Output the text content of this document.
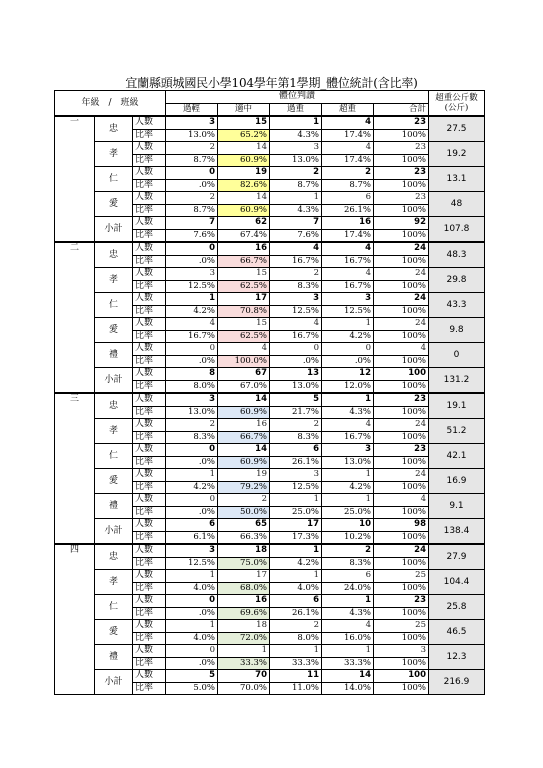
宜蘭縣頭城國民小學104學年第1學期_體位統計(含比率)
年級　/　班級			體位判讀					超重公斤數(公斤)
			過輕	適中	過重	超重	合計	
一	忠	人數	3	15	1	4	23	27.5
		比率	13.0%	65.2%	4.3%	17.4%	100%	
	孝	人數	2	14	3	4	23	19.2
		比率	8.7%	60.9%	13.0%	17.4%	100%	
	仁	人數	0	19	2	2	23	13.1
		比率	.0%	82.6%	8.7%	8.7%	100%	
	愛	人數	2	14	1	6	23	48
		比率	8.7%	60.9%	4.3%	26.1%	100%	
	小計	人數	7	62	7	16	92	107.8
		比率	7.6%	67.4%	7.6%	17.4%	100%	
二	忠	人數	0	16	4	4	24	48.3
		比率	.0%	66.7%	16.7%	16.7%	100%	
	孝	人數	3	15	2	4	24	29.8
		比率	12.5%	62.5%	8.3%	16.7%	100%	
	仁	人數	1	17	3	3	24	43.3
		比率	4.2%	70.8%	12.5%	12.5%	100%	
	愛	人數	4	15	4	1	24	9.8
		比率	16.7%	62.5%	16.7%	4.2%	100%	
	禮	人數	0	4	0	0	4	0
		比率	.0%	100.0%	.0%	.0%	100%	
	小計	人數	8	67	13	12	100	131.2
		比率	8.0%	67.0%	13.0%	12.0%	100%	
三	忠	人數	3	14	5	1	23	19.1
		比率	13.0%	60.9%	21.7%	4.3%	100%	
	孝	人數	2	16	2	4	24	51.2
		比率	8.3%	66.7%	8.3%	16.7%	100%	
	仁	人數	0	14	6	3	23	42.1
		比率	.0%	60.9%	26.1%	13.0%	100%	
	愛	人數	1	19	3	1	24	16.9
		比率	4.2%	79.2%	12.5%	4.2%	100%	
	禮	人數	0	2	1	1	4	9.1
		比率	.0%	50.0%	25.0%	25.0%	100%	
	小計	人數	6	65	17	10	98	138.4
		比率	6.1%	66.3%	17.3%	10.2%	100%	
四	忠	人數	3	18	1	2	24	27.9
		比率	12.5%	75.0%	4.2%	8.3%	100%	
	孝	人數	1	17	1	6	25	104.4
		比率	4.0%	68.0%	4.0%	24.0%	100%	
	仁	人數	0	16	6	1	23	25.8
		比率	.0%	69.6%	26.1%	4.3%	100%	
	愛	人數	1	18	2	4	25	46.5
		比率	4.0%	72.0%	8.0%	16.0%	100%	
	禮	人數	0	1	1	1	3	12.3
		比率	.0%	33.3%	33.3%	33.3%	100%	
	小計	人數	5	70	11	14	100	216.9
		比率	5.0%	70.0%	11.0%	14.0%	100%	
